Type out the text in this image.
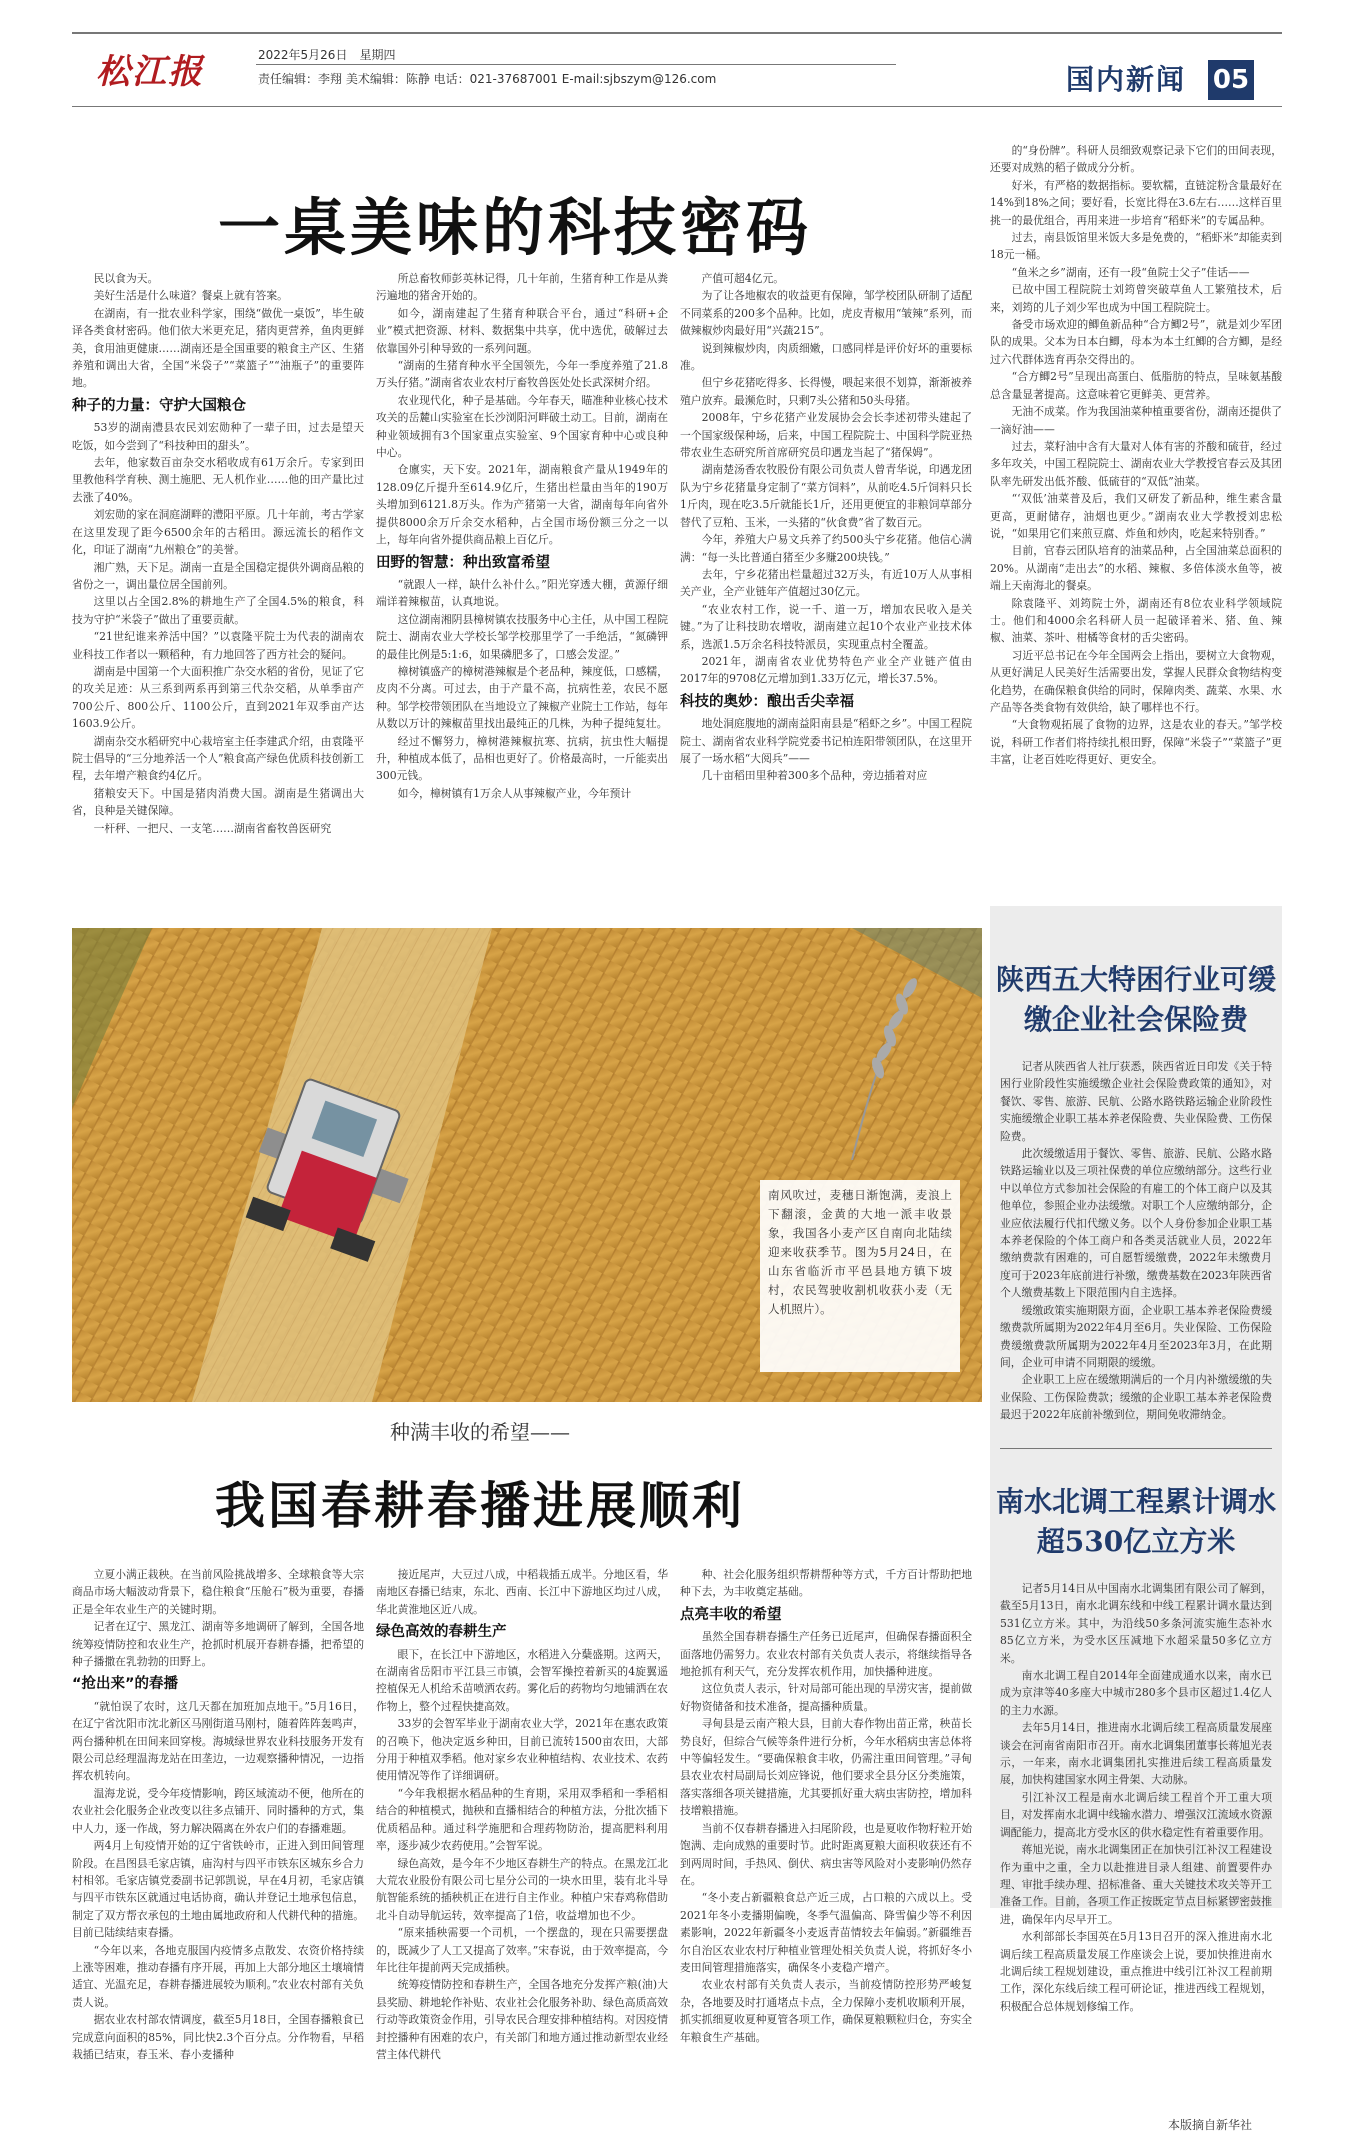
松江报	2022年5月26日　星期四
责任编辑：李翔 美术编辑：陈静 电话：021-37687001 E-mail:sjbszym@126.com	国内新闻 05
一桌美味的科技密码

民以食为天。

美好生活是什么味道？餐桌上就有答案。

在湖南，有一批农业科学家，围绕“做优一桌饭”，毕生破译各类食材密码。他们依大米更充足，猪肉更营养，鱼肉更鲜美，食用油更健康……湖南还是全国重要的粮食主产区、生猪养殖和调出大省，全国“米袋子”“菜篮子”“油瓶子”的重要阵地。

种子的力量：守护大国粮仓

53岁的湖南澧县农民刘宏勋种了一辈子田，过去是望天吃饭，如今尝到了“科技种田的甜头”。

去年，他家数百亩杂交水稻收成有61万余斤。专家到田里教他科学育秧、测土施肥、无人机作业……他的田产量比过去涨了40%。

刘宏勋的家在洞庭湖畔的澧阳平原。几十年前，考古学家在这里发现了距今6500余年的古稻田。源远流长的稻作文化，印证了湖南“九州粮仓”的美誉。

湘广熟，天下足。湖南一直是全国稳定提供外调商品粮的省份之一，调出量位居全国前列。

这里以占全国2.8%的耕地生产了全国4.5%的粮食，科技为守护“米袋子”做出了重要贡献。

“21世纪谁来养活中国？”以袁隆平院士为代表的湖南农业科技工作者以一颗稻种，有力地回答了西方社会的疑问。

湖南是中国第一个大面积推广杂交水稻的省份，见证了它的攻关足迹：从三系到两系再到第三代杂交稻，从单季亩产700公斤、800公斤、1100公斤，直到2021年双季亩产达1603.9公斤。

湖南杂交水稻研究中心栽培室主任李建武介绍，由袁隆平院士倡导的“三分地养活一个人”粮食高产绿色优质科技创新工程，去年增产粮食约4亿斤。

猪粮安天下。中国是猪肉消费大国。湖南是生猪调出大省，良种是关键保障。

一杆秤、一把尺、一支笔……湖南省畜牧兽医研究

所总畜牧师彭英林记得，几十年前，生猪育种工作是从粪污遍地的猪舍开始的。

如今，湖南建起了生猪育种联合平台，通过“科研+企业”模式把资源、材料、数据集中共享，优中选优，破解过去依靠国外引种导致的一系列问题。

“湖南的生猪育种水平全国领先，今年一季度养殖了21.8万头仔猪。”湖南省农业农村厅畜牧兽医处处长武深树介绍。

农业现代化，种子是基础。今年春天，瞄准种业核心技术攻关的岳麓山实验室在长沙浏阳河畔破土动工。目前，湖南在种业领域拥有3个国家重点实验室、9个国家育种中心或良种中心。

仓廪实，天下安。2021年，湖南粮食产量从1949年的128.09亿斤提升至614.9亿斤，生猪出栏量由当年的190万头增加到6121.8万头。作为产猪第一大省，湖南每年向省外提供8000余万斤余交水稻种，占全国市场份额三分之一以上，每年向省外提供商品粮上百亿斤。

田野的智慧：种出致富希望

“就跟人一样，缺什么补什么。”阳光穿透大棚，黄源仔细端详着辣椒苗，认真地说。

这位湖南湘阴县樟树镇农技服务中心主任，从中国工程院院士、湖南农业大学校长邹学校那里学了一手绝活，“氮磷钾的最佳比例是5:1:6，如果磷肥多了，口感会发涩。”

樟树镇盛产的樟树港辣椒是个老品种，辣度低，口感糯，皮肉不分离。可过去，由于产量不高，抗病性差，农民不愿种。邹学校带领团队在当地设立了辣椒产业院士工作站，每年从数以万计的辣椒苗里找出最纯正的几株，为种子提纯复壮。

经过不懈努力，樟树港辣椒抗寒、抗病，抗虫性大幅提升，种植成本低了，品相也更好了。价格最高时，一斤能卖出300元钱。

如今，樟树镇有1万余人从事辣椒产业，今年预计

产值可超4亿元。

为了让各地椒农的收益更有保障，邹学校团队研制了适配不同菜系的200多个品种。比如，虎皮青椒用“皱辣”系列，而做辣椒炒肉最好用“兴蔬215”。

说到辣椒炒肉，肉质细嫩，口感同样是评价好坏的重要标准。

但宁乡花猪吃得多、长得慢，喂起来很不划算，渐渐被养殖户放弃。最濒危时，只剩7头公猪和50头母猪。

2008年，宁乡花猪产业发展协会会长李述初带头建起了一个国家级保种场，后来，中国工程院院士、中国科学院亚热带农业生态研究所首席研究员印遇龙当起了“猪保姆”。

湖南楚汤香农牧股份有限公司负责人曾青华说，印遇龙团队为宁乡花猪量身定制了“菜方饲料”，从前吃4.5斤饲料只长1斤肉，现在吃3.5斤就能长1斤，还用更便宜的非粮饲草部分替代了豆粕、玉米，一头猪的“伙食费”省了数百元。

今年，养殖大户易文兵养了约500头宁乡花猪。他信心满满：“每一头比普通白猪至少多赚200块钱。”

去年，宁乡花猪出栏量超过32万头，有近10万人从事相关产业，全产业链年产值超过30亿元。

“农业农村工作，说一千、道一万，增加农民收入是关键。”为了让科技助农增收，湖南建立起10个农业产业技术体系，选派1.5万余名科技特派员，实现重点村全覆盖。

2021年，湖南省农业优势特色产业全产业链产值由2017年的9708亿元增加到1.33万亿元，增长37.5%。

科技的奥妙：酿出舌尖幸福

地处洞庭腹地的湖南益阳南县是“稻虾之乡”。中国工程院院士、湖南省农业科学院党委书记柏连阳带领团队，在这里开展了一场水稻“大阅兵”——

几十亩稻田里种着300多个品种，旁边插着对应

的“身份牌”。科研人员细致观察记录下它们的田间表现，还要对成熟的稻子做成分分析。

好米，有严格的数据指标。要软糯，直链淀粉含量最好在14%到18%之间；要好看，长宽比得在3.6左右……这样百里挑一的最优组合，再用来进一步培育“稻虾米”的专属品种。

过去，南县饭馆里米饭大多是免费的，“稻虾米”却能卖到18元一桶。

“鱼米之乡”湖南，还有一段“鱼院士父子”佳话——

已故中国工程院院士刘筠曾突破草鱼人工繁殖技术，后来，刘筠的儿子刘少军也成为中国工程院院士。

备受市场欢迎的鲫鱼新品种“合方鲫2号”，就是刘少军团队的成果。父本为日本白鲫，母本为本土红鲫的合方鲫，是经过六代群体选育再杂交得出的。

“合方鲫2号”呈现出高蛋白、低脂肪的特点，呈味氨基酸总含量显著提高。这意味着它更鲜美、更营养。

无油不成菜。作为我国油菜种植重要省份，湖南还提供了一滴好油——

过去，菜籽油中含有大量对人体有害的芥酸和硫苷，经过多年攻关，中国工程院院士、湖南农业大学教授官春云及其团队率先研发出低芥酸、低硫苷的“双低”油菜。

“‘双低’油菜普及后，我们又研发了新品种，维生素含量更高，更耐储存，油烟也更少。”湖南农业大学教授刘忠松说，“如果用它们来煎豆腐、炸鱼和炒肉，吃起来特别香。”

目前，官春云团队培育的油菜品种，占全国油菜总面积的20%。从湖南“走出去”的水稻、辣椒、多倍体淡水鱼等，被端上天南海北的餐桌。

除袁隆平、刘筠院士外，湖南还有8位农业科学领域院士。他们和4000余名科研人员一起破译着米、猪、鱼、辣椒、油菜、茶叶、柑橘等食材的舌尖密码。

习近平总书记在今年全国两会上指出，要树立大食物观，从更好满足人民美好生活需要出发，掌握人民群众食物结构变化趋势，在确保粮食供给的同时，保障肉类、蔬菜、水果、水产品等各类食物有效供给，缺了哪样也不行。

“大食物观拓展了食物的边界，这是农业的春天。”邹学校说，科研工作者们将持续扎根田野，保障“米袋子”“菜篮子”更丰富，让老百姓吃得更好、更安全。

南风吹过，麦穗日渐饱满，麦浪上下翻滚，金黄的大地一派丰收景象，我国各小麦产区自南向北陆续迎来收获季节。图为5月24日，在山东省临沂市平邑县地方镇下坡村，农民驾驶收割机收获小麦（无人机照片）。
陕西五大特困行业可缓缴企业社会保险费

记者从陕西省人社厅获悉，陕西省近日印发《关于特困行业阶段性实施缓缴企业社会保险费政策的通知》，对餐饮、零售、旅游、民航、公路水路铁路运输企业阶段性实施缓缴企业职工基本养老保险费、失业保险费、工伤保险费。

此次缓缴适用于餐饮、零售、旅游、民航、公路水路铁路运输业以及三项社保费的单位应缴纳部分。这些行业中以单位方式参加社会保险的有雇工的个体工商户以及其他单位，参照企业办法缓缴。对职工个人应缴纳部分，企业应依法履行代扣代缴义务。以个人身份参加企业职工基本养老保险的个体工商户和各类灵活就业人员，2022年缴纳费款有困难的，可自愿暂缓缴费，2022年未缴费月度可于2023年底前进行补缴，缴费基数在2023年陕西省个人缴费基数上下限范围内自主选择。

缓缴政策实施期限方面，企业职工基本养老保险费缓缴费款所属期为2022年4月至6月。失业保险、工伤保险费缓缴费款所属期为2022年4月至2023年3月，在此期间，企业可申请不同期限的缓缴。

企业职工上应在缓缴期满后的一个月内补缴缓缴的失业保险、工伤保险费款；缓缴的企业职工基本养老保险费最迟于2022年底前补缴到位，期间免收滞纳金。

南水北调工程累计调水超530亿立方米

记者5月14日从中国南水北调集团有限公司了解到，截至5月13日，南水北调东线和中线工程累计调水量达到531亿立方米。其中，为沿线50多条河流实施生态补水85亿立方米，为受水区压减地下水超采量50多亿立方米。

南水北调工程自2014年全面建成通水以来，南水已成为京津等40多座大中城市280多个县市区超过1.4亿人的主力水源。

去年5月14日，推进南水北调后续工程高质量发展座谈会在河南省南阳市召开。南水北调集团董事长蒋旭光表示，一年来，南水北调集团扎实推进后续工程高质量发展，加快构建国家水网主骨架、大动脉。

引江补汉工程是南水北调后续工程首个开工重大项目，对发挥南水北调中线输水潜力、增强汉江流域水资源调配能力，提高北方受水区的供水稳定性有着重要作用。

蒋旭光说，南水北调集团正在加快引江补汉工程建设作为重中之重，全力以赴推进目录人组建、前置要件办理、审批手续办理、招标准备、重大关键技术攻关等开工准备工作。目前，各项工作正按既定节点目标紧锣密鼓推进，确保年内尽早开工。

水利部部长李国英在5月13日召开的深入推进南水北调后续工程高质量发展工作座谈会上说，要加快推进南水北调后续工程规划建设，重点推进中线引江补汉工程前期工作，深化东线后续工程可研论证，推进西线工程规划，积极配合总体规划修编工作。

种满丰收的希望——
我国春耕春播进展顺利

立夏小满正栽秧。在当前风险挑战增多、全球粮食等大宗商品市场大幅波动背景下，稳住粮食“压舱石”极为重要，春播正是全年农业生产的关键时期。

记者在辽宁、黑龙江、湖南等多地调研了解到，全国各地统筹疫情防控和农业生产，抢抓时机展开春耕春播，把希望的种子播撒在乳勃勃的田野上。

“抢出来”的春播

“就怕误了农时，这几天都在加班加点地干。”5月16日，在辽宁省沈阳市沈北新区马刚街道马刚村，随着阵阵轰鸣声，两台播种机在田间来回穿梭。海城绿世界农业科技服务开发有限公司总经理温海龙站在田垄边，一边观察播种情况，一边指挥农机转向。

温海龙说，受今年疫情影响，跨区域流动不便，他所在的农业社会化服务企业改变以往多点铺开、同时播种的方式，集中人力，逐一作战，努力解决隔离在外农户们的春播难题。

两4月上旬疫情开始的辽宁省铁岭市，正进入到田间管理阶段。在昌图县毛家店镇，庙沟村与四平市铁东区城东乡合力村相邻。毛家店镇党委副书记郭凯说，早在4月初，毛家店镇与四平市铁东区就通过电话协商，确认并登记土地承包信息，制定了双方帮衣承包的土地由属地政府和人代耕代种的措施。目前已陆续结束春播。

“今年以来，各地克服国内疫情多点散发、农资价格持续上涨等困难，推动春播有序开展，再加上大部分地区土壤墒情适宜、光温充足，春耕春播进展较为顺利。”农业农村部有关负责人说。

据农业农村部农情调度，截至5月18日，全国春播粮食已完成意向面积的85%，同比快2.3个百分点。分作物看，早稻栽插已结束，春玉米、春小麦播种

接近尾声，大豆过八成，中稻栽插五成半。分地区看，华南地区春播已结束，东北、西南、长江中下游地区均过八成，华北黄淮地区近八成。

绿色高效的春耕生产

眼下，在长江中下游地区，水稻进入分蘖盛期。这两天，在湖南省岳阳市平江县三市镇，会智军操控着新买的4旋翼遥控植保无人机给禾苗喷洒农药。雾化后的药物均匀地铺洒在农作物上，整个过程快捷高效。

33岁的会智军毕业于湖南农业大学，2021年在惠农政策的召唤下，他决定返乡种田，目前已流转1500亩农田，大部分用于种植双季稻。他对家乡农业种植结构、农业技术、农药使用情况等作了详细调研。

“今年我根据水稻品种的生育期，采用双季稻和一季稻相结合的种植模式，抛秧和直播相结合的种植方法，分批次插下优质稻品种。通过科学施肥和合理药物防治，提高肥料利用率，逐步减少农药使用。”会智军说。

绿色高效，是今年不少地区春耕生产的特点。在黑龙江北大荒农业股份有限公司七星分公司的一块水田里，装有北斗导航智能系统的插秧机正在进行自主作业。种植户宋春鸡称借助北斗自动导航运转，效率提高了1倍，收益增加也不少。

“原来插秧需要一个司机，一个摆盘的，现在只需要摆盘的，既减少了人工又提高了效率。”宋春说，由于效率提高，今年比往年提前两天完成插秧。

统筹疫情防控和春耕生产，全国各地充分发挥产粮(油)大县奖励、耕地轮作补贴、农业社会化服务补助、绿色高质高效行动等政策资金作用，引导农民合理安排种植结构。对因疫情封控播种有困难的农户，有关部门和地方通过推动新型农业经营主体代耕代

种、社会化服务组织帮耕帮种等方式，千方百计帮助把地种下去，为丰收奠定基础。

点亮丰收的希望

虽然全国春耕春播生产任务已近尾声，但确保春播面积全面落地仍需努力。农业农村部有关负责人表示，将继续指导各地抢抓有利天气，充分发挥农机作用，加快播种进度。

这位负责人表示，针对局部可能出现的旱涝灾害，提前做好物资储备和技术准备，提高播种质量。

寻甸县是云南产粮大县，目前大春作物出苗正常，秧苗长势良好，但综合气候等条件进行分析，今年水稻病虫害总体将中等偏轻发生。“要确保粮食丰收，仍需注重田间管理。”寻甸县农业农村局副局长刘应锋说，他们要求全县分区分类施策，落实落细各项关键措施，尤其要抓好重大病虫害防控，增加科技增粮措施。

当前不仅春耕春播进入扫尾阶段，也是夏收作物籽粒开始饱满、走向成熟的重要时节。此时距离夏粮大面积收获还有不到两周时间，手热风、倒伏、病虫害等风险对小麦影响仍然存在。

“冬小麦占新疆粮食总产近三成，占口粮的六成以上。受2021年冬小麦播期偏晚，冬季气温偏高、降雪偏少等不利因素影响，2022年新疆冬小麦返青苗情较去年偏弱。”新疆维吾尔自治区农业农村厅种植业管理处相关负责人说，将抓好冬小麦田间管理措施落实，确保冬小麦稳产增产。

农业农村部有关负责人表示，当前疫情防控形势严峻复杂，各地要及时打通堵点卡点，全力保障小麦机收顺利开展，抓实抓细夏收夏种夏管各项工作，确保夏粮颗粒归仓，夯实全年粮食生产基础。

本版摘自新华社
